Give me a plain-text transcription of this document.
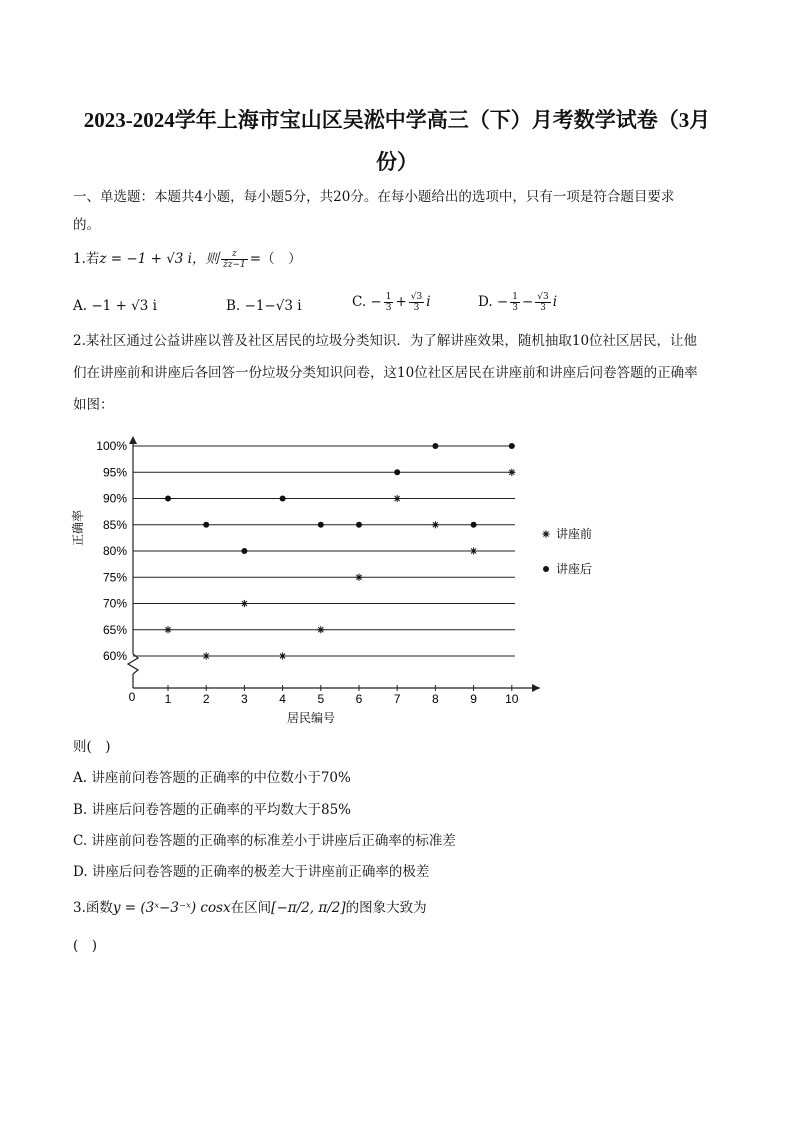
2023-2024学年上海市宝山区吴淞中学高三（下）月考数学试卷（3月
份）
一、单选题：本题共4小题，每小题5分，共20分。在每小题给出的选项中，只有一项是符合题目要求
的。
1.若z = −1 + √3 i，则 $\frac{z}{z̄z-1}$ =（　）
A. −1 + √3 i	B. −1−√3 i	C. − $\frac{1}{3} + \frac{√3}{3}$ i	D. − $\frac{1}{3} - \frac{√3}{3}$ i
2.某社区通过公益讲座以普及社区居民的垃圾分类知识．为了解讲座效果，随机抽取10位社区居民，让他
们在讲座前和讲座后各回答一份垃圾分类知识问卷，这10位社区居民在讲座前和讲座后问卷答题的正确率
如图：
60%
65%
70%
75%
80%
85%
90%
95%
100%
1	2	3	4	5	6	7	8	9 10
讲座前
讲座后
正确率
居民编号
0
则(　)
A. 讲座前问卷答题的正确率的中位数小于70%
B. 讲座后问卷答题的正确率的平均数大于85%
C. 讲座前问卷答题的正确率的标准差小于讲座后正确率的标准差
D. 讲座后问卷答题的正确率的极差大于讲座前正确率的极差
3.函数y = (3ˣ−3⁻ˣ) cosx在区间[−π/2, π/2]的图象大致为
(　)
